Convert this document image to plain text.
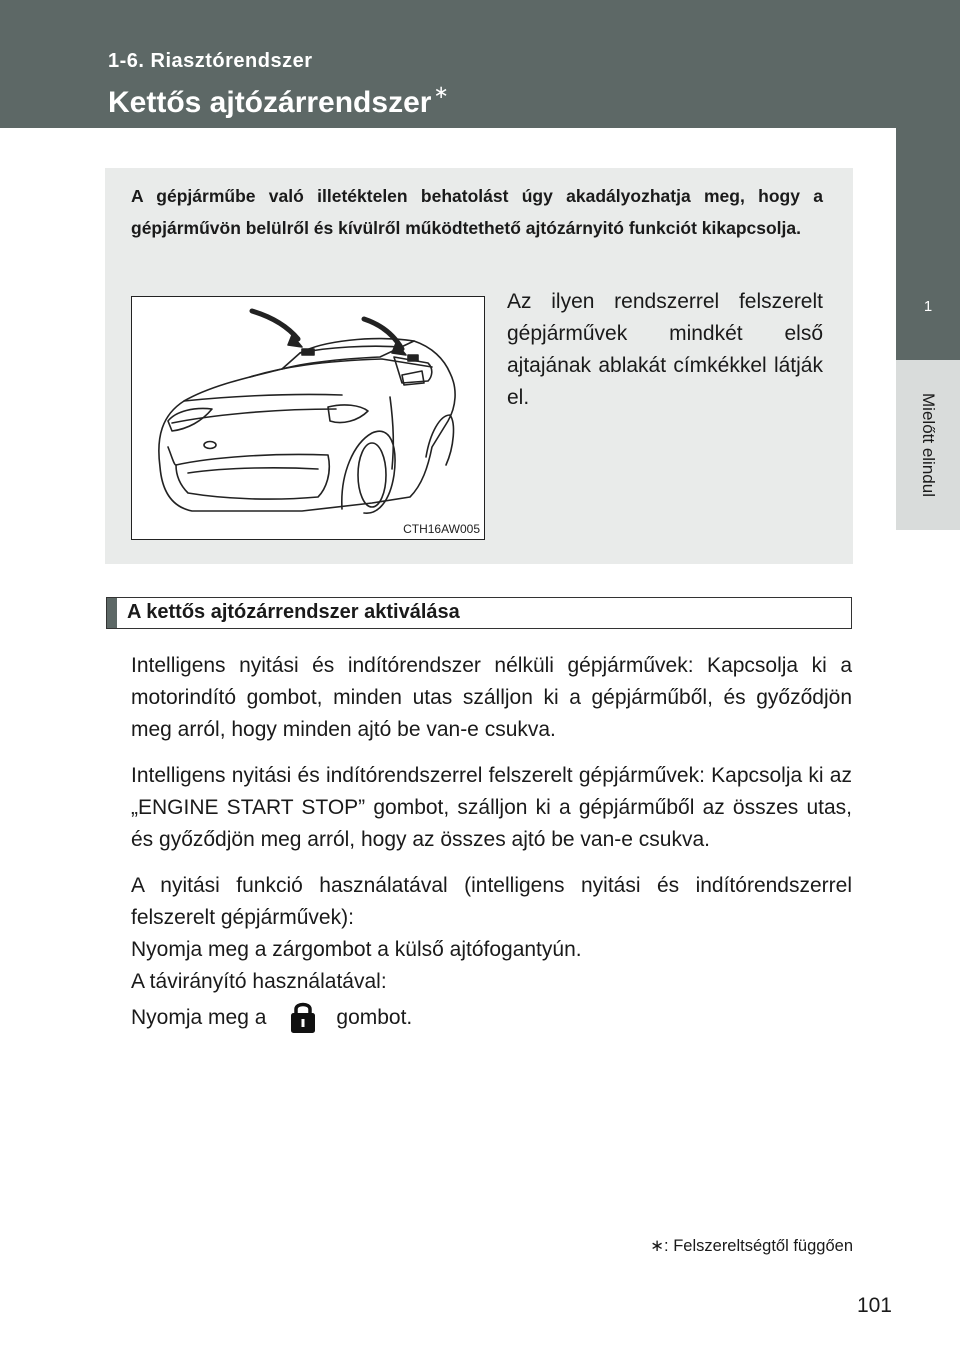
1-6. Riasztórendszer
Kettős ajtózárrendszer ∗
1
Mielőtt elindul
A gépjárműbe való illetéktelen behatolást úgy akadályozhatja meg, hogy a gépjárművön belülről és kívülről működtethető ajtózárnyitó funkciót kikapcsolja.
CTH16AW005
Az ilyen rendszerrel felszerelt gépjárművek mindkét első ajtajának ablakát címkékkel látják el.
A kettős ajtózárrendszer aktiválása

Intelligens nyitási és indítórendszer nélküli gépjárművek: Kapcsolja ki a motorindító gombot, minden utas szálljon ki a gépjárműből, és győződjön meg arról, hogy minden ajtó be van-e csukva.

Intelligens nyitási és indítórendszerrel felszerelt gépjárművek: Kapcsolja ki az „ENGINE START STOP” gombot, szálljon ki a gépjárműből az összes utas, és győződjön meg arról, hogy az összes ajtó be van-e csukva.

A nyitási funkció használatával (intelligens nyitási és indítórendszerrel felszerelt gépjárművek):

Nyomja meg a zárgombot a külső ajtófogantyún.

A távirányító használatával:

Nyomja meg a	gombot.

∗: Felszereltségtől függően
101
